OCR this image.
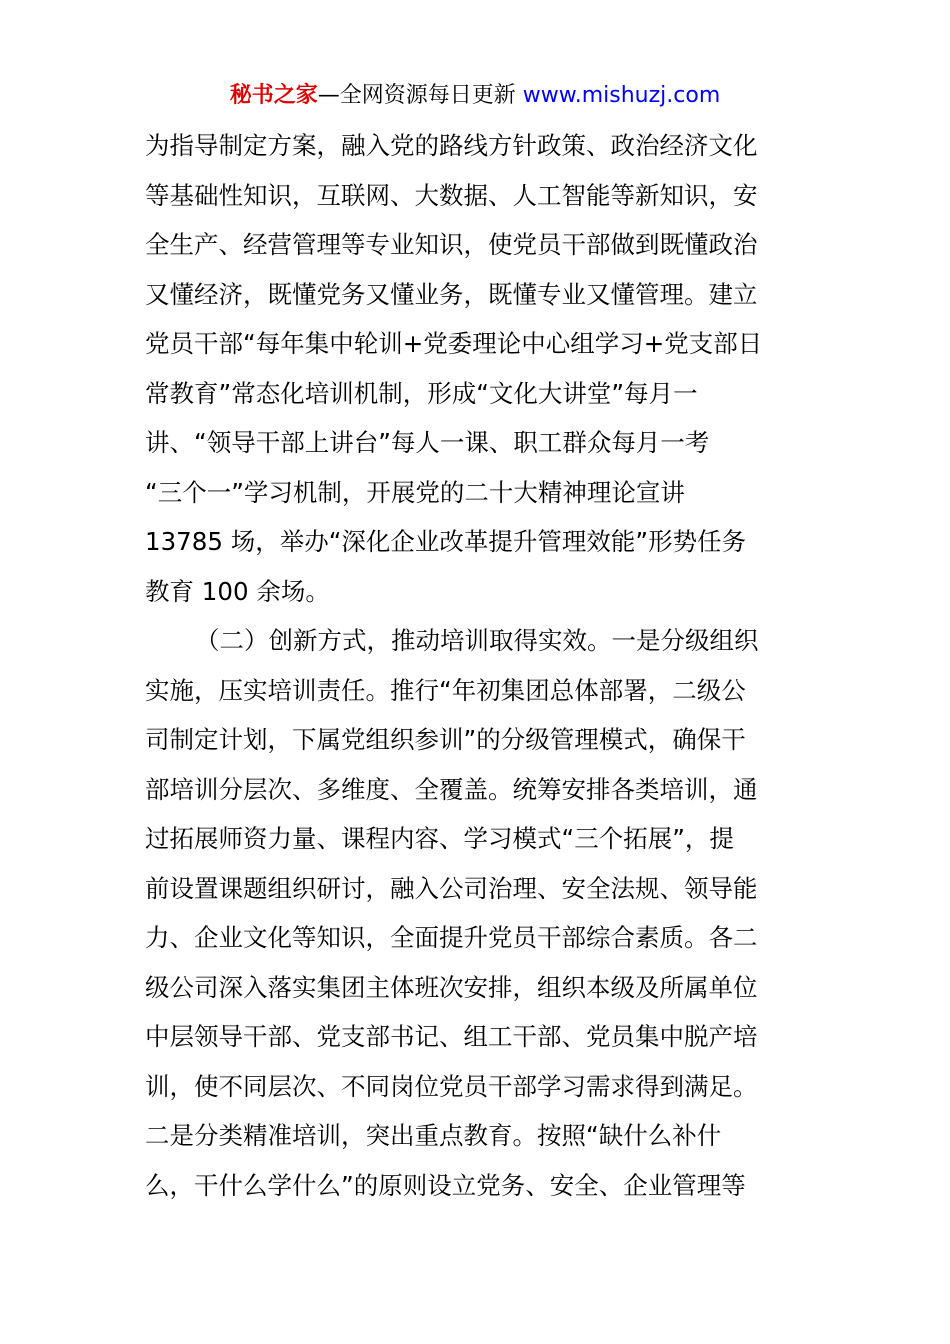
秘书之家—全网资源每日更新 www.mishuzj.com
为指导制定方案，融入党的路线方针政策、政治经济文化
等基础性知识，互联网、大数据、人工智能等新知识，安
全生产、经营管理等专业知识，使党员干部做到既懂政治
又懂经济，既懂党务又懂业务，既懂专业又懂管理。建立
党员干部“每年集中轮训+党委理论中心组学习+党支部日
常教育”常态化培训机制，形成“文化大讲堂”每月一
讲、“领导干部上讲台”每人一课、职工群众每月一考
“三个一”学习机制，开展党的二十大精神理论宣讲
13785 场，举办“深化企业改革提升管理效能”形势任务
教育 100 余场。
（二）创新方式，推动培训取得实效。一是分级组织
实施，压实培训责任。推行“年初集团总体部署，二级公
司制定计划，下属党组织参训”的分级管理模式，确保干
部培训分层次、多维度、全覆盖。统筹安排各类培训，通
过拓展师资力量、课程内容、学习模式“三个拓展”，提
前设置课题组织研讨，融入公司治理、安全法规、领导能
力、企业文化等知识，全面提升党员干部综合素质。各二
级公司深入落实集团主体班次安排，组织本级及所属单位
中层领导干部、党支部书记、组工干部、党员集中脱产培
训，使不同层次、不同岗位党员干部学习需求得到满足。
二是分类精准培训，突出重点教育。按照“缺什么补什
么，干什么学什么”的原则设立党务、安全、企业管理等
